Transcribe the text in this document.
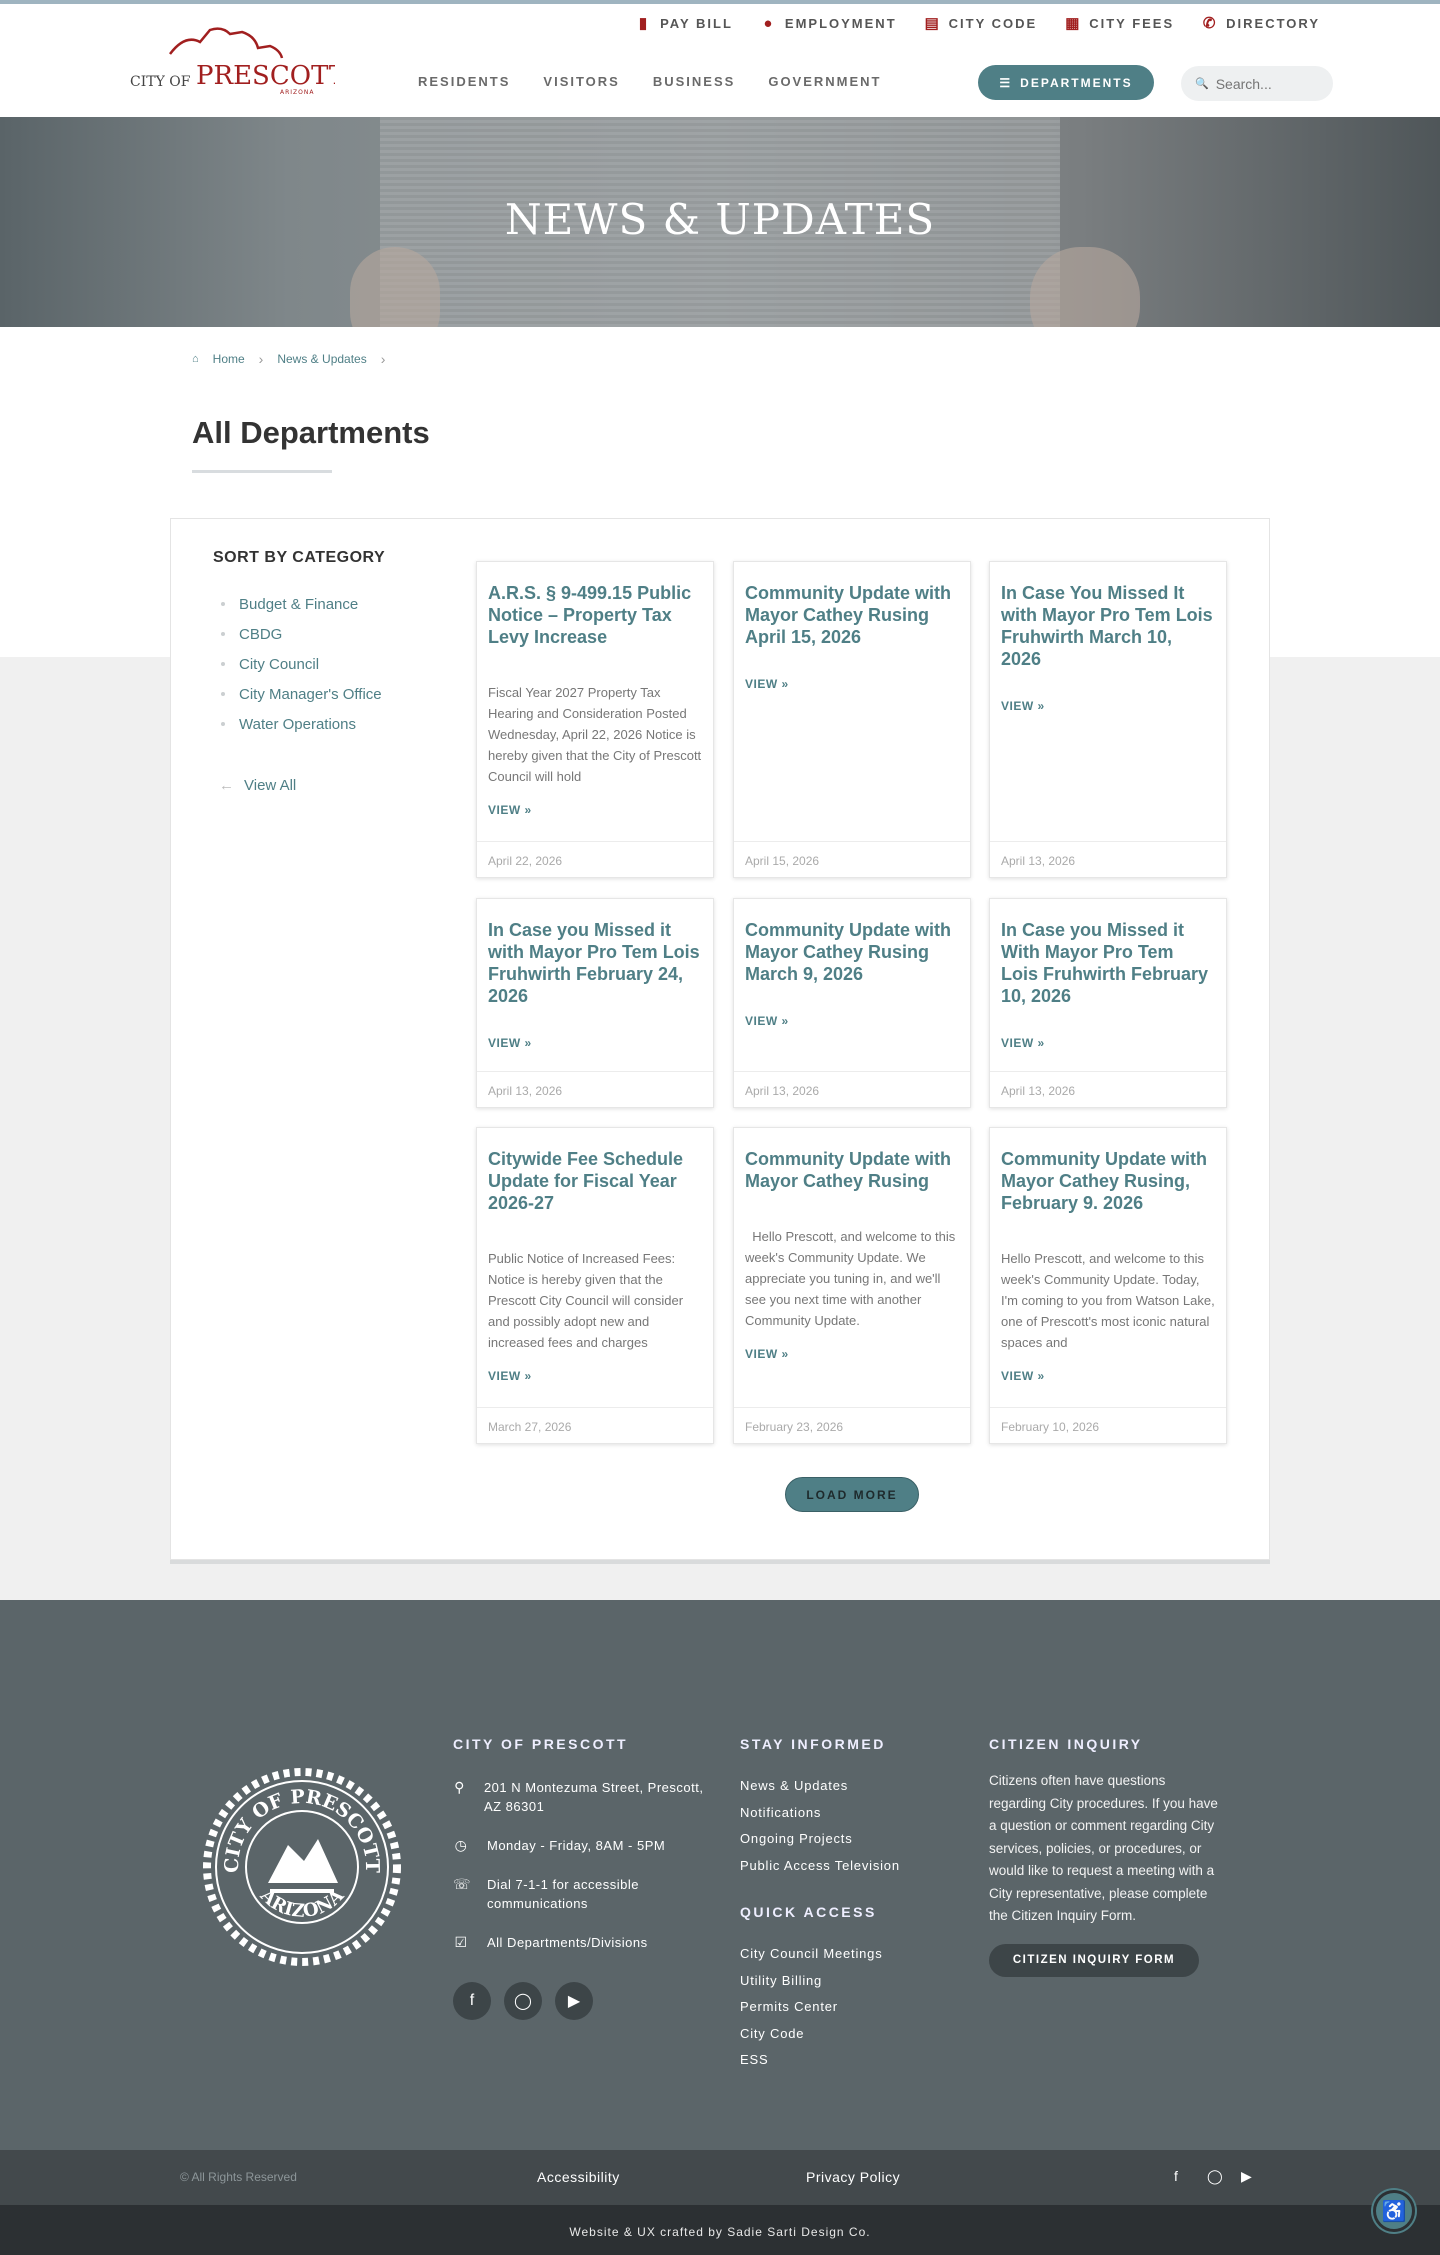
▮ PAY BILL ● EMPLOYMENT ▤ CITY CODE ▦ CITY FEES ✆ DIRECTORY
CITY OF PRESCOTT
ARIZONA
RESIDENTS	VISITORS	BUSINESS	GOVERNMENT	☰ DEPARTMENTS	🔍
Search...
NEWS & UPDATES
⌂ Home › News & Updates ›
All Departments
SORT BY CATEGORY
Budget & Finance
CBDG
City Council
City Manager's Office
Water Operations
← View All
A.R.S. § 9-499.15 Public Notice – Property Tax Levy Increase

Fiscal Year 2027 Property Tax Hearing and Consideration Posted Wednesday, April 22, 2026 Notice is hereby given that the City of Prescott Council will hold

VIEW »
April 22, 2026
Community Update with Mayor Cathey Rusing April 15, 2026
VIEW »
April 15, 2026
In Case You Missed It with Mayor Pro Tem Lois Fruhwirth March 10, 2026
VIEW »
April 13, 2026
In Case you Missed it with Mayor Pro Tem Lois Fruhwirth February 24, 2026
VIEW »
April 13, 2026
Community Update with Mayor Cathey Rusing March 9, 2026
VIEW »
April 13, 2026
In Case you Missed it With Mayor Pro Tem Lois Fruhwirth February 10, 2026
VIEW »
April 13, 2026
Citywide Fee Schedule Update for Fiscal Year 2026-27

Public Notice of Increased Fees: Notice is hereby given that the Prescott City Council will consider and possibly adopt new and increased fees and charges

VIEW »
March 27, 2026
Community Update with Mayor Cathey Rusing

Hello Prescott, and welcome to this week's Community Update. We appreciate you tuning in, and we'll see you next time with another Community Update.

VIEW »
February 23, 2026
Community Update with Mayor Cathey Rusing, February 9. 2026

Hello Prescott, and welcome to this week's Community Update. Today, I'm coming to you from Watson Lake, one of Prescott's most iconic natural spaces and

VIEW »
February 10, 2026
LOAD MORE
CITY OF PRESCOTT
ARIZONA
CITY OF PRESCOTT
⚲ 201 N Montezuma Street, Prescott, AZ 86301
◷ Monday - Friday, 8AM - 5PM
☏ Dial 7-1-1 for accessible communications
☑ All Departments/Divisions
f	◯	▶
STAY INFORMED
News & Updates
Notifications
Ongoing Projects
Public Access Television
QUICK ACCESS
City Council Meetings
Utility Billing
Permits Center
City Code
ESS
CITIZEN INQUIRY

Citizens often have questions regarding City procedures. If you have a question or comment regarding City services, policies, or procedures, or would like to request a meeting with a City representative, please complete the Citizen Inquiry Form.

CITIZEN INQUIRY FORM
© All Rights Reserved	Accessibility	Privacy Policy	f ◯ ▶
Website & UX crafted by Sadie Sarti Design Co.
♿
